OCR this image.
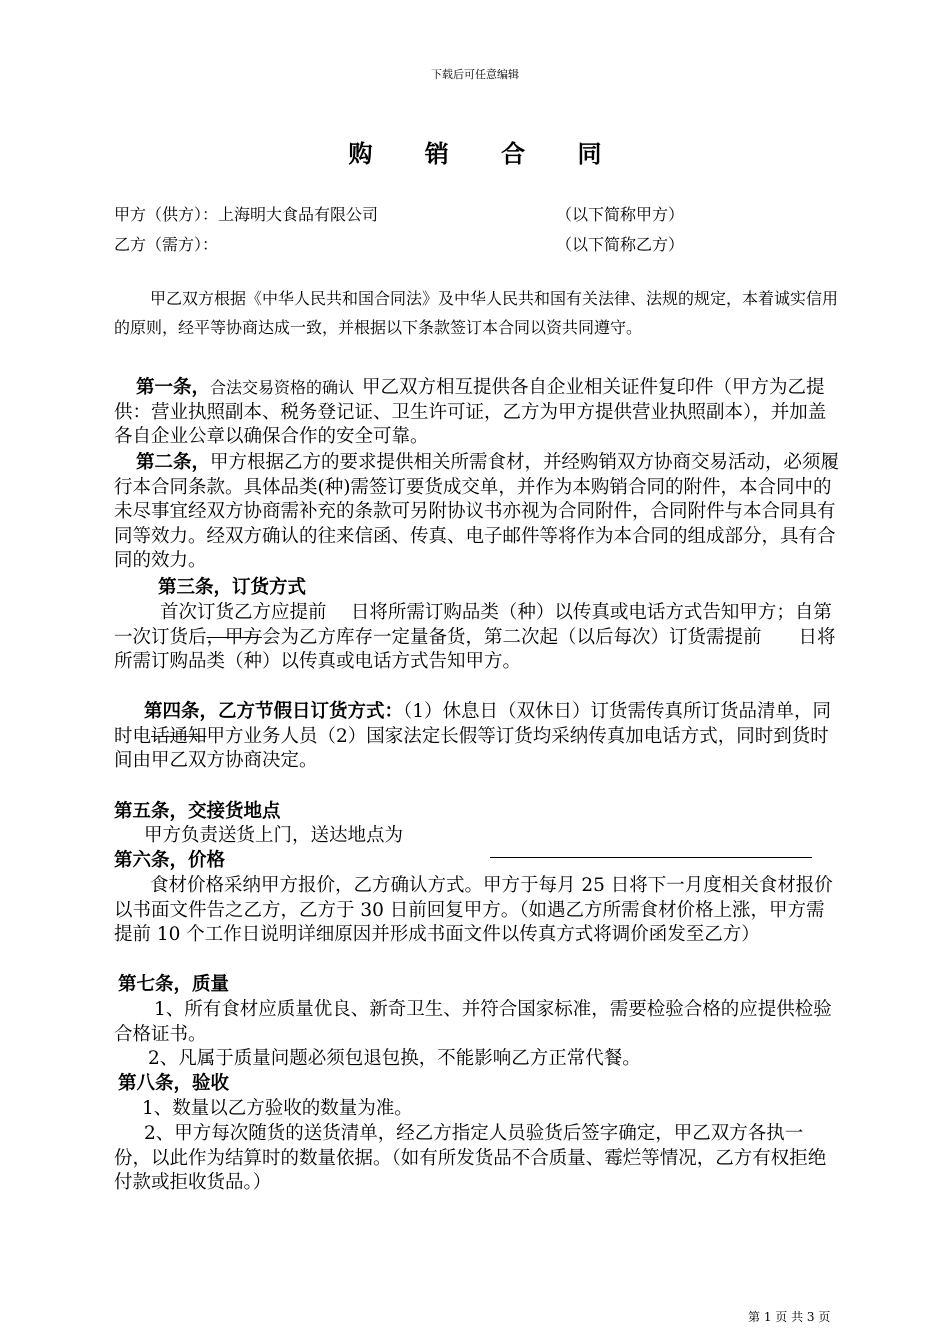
下载后可任意编辑
购 销 合 同
甲方（供方）：上海明大食品有限公司	（以下简称甲方）
乙方（需方）：	（以下简称乙方）
甲乙双方根据《中华人民共和国合同法》及中华人民共和国有关法律、法规的规定，本着诚实信用的原则，经平等协商达成一致，并根据以下条款签订本合同以资共同遵守。
第一条，合法交易资格的确认 甲乙双方相互提供各自企业相关证件复印件（甲方为乙提供：营业执照副本、税务登记证、卫生许可证，乙方为甲方提供营业执照副本），并加盖各自企业公章以确保合作的安全可靠。
第二条，甲方根据乙方的要求提供相关所需食材，并经购销双方协商交易活动，必须履行本合同条款。具体品类(种)需签订要货成交单，并作为本购销合同的附件，本合同中的未尽事宜经双方协商需补充的条款可另附协议书亦视为合同附件，合同附件与本合同具有同等效力。经双方确认的往来信函、传真、电子邮件等将作为本合同的组成部分，具有合同的效力。
第三条，订货方式
首次订货乙方应提前　 日将所需订购品类（种）以传真或电话方式告知甲方；自第一次订货后，甲方会为乙方库存一定量备货，第二次起（以后每次）订货需提前　　日将所需订购品类（种）以传真或电话方式告知甲方。
第四条，乙方节假日订货方式：（1）休息日（双休日）订货需传真所订货品清单，同时电话通知甲方业务人员（2）国家法定长假等订货均采纳传真加电话方式，同时到货时间由甲乙双方协商决定。
第五条，交接货地点
甲方负责送货上门，送达地点为
第六条，价格
食材价格采纳甲方报价，乙方确认方式。甲方于每月 25 日将下一月度相关食材报价以书面文件告之乙方，乙方于 30 日前回复甲方。（如遇乙方所需食材价格上涨，甲方需提前 10 个工作日说明详细原因并形成书面文件以传真方式将调价函发至乙方）
第七条，质量
1、所有食材应质量优良、新奇卫生、并符合国家标准，需要检验合格的应提供检验合格证书。
2、凡属于质量问题必须包退包换，不能影响乙方正常代餐。
第八条，验收
1、数量以乙方验收的数量为准。
2、甲方每次随货的送货清单，经乙方指定人员验货后签字确定，甲乙双方各执一份，以此作为结算时的数量依据。（如有所发货品不合质量、霉烂等情况，乙方有权拒绝付款或拒收货品。）
第 1 页 共 3 页
